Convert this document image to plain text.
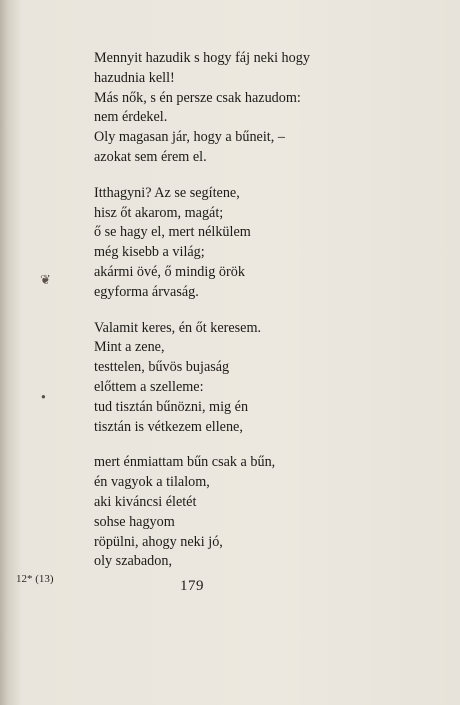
Mennyit hazudik s hogy fáj neki hogy
hazudnia kell!
Más nők, s én persze csak hazudom:
nem érdekel.
Oly magasan jár, hogy a bűneit, –
azokat sem érem el.
Itthagyni? Az se segítene,
hisz őt akarom, magát;
ő se hagy el, mert nélkülem
még kisebb a világ;
akármi övé, ő mindig örök
egyforma árvaság.
Valamit keres, én őt keresem.
Mint a zene,
testtelen, bűvös bujaság
előttem a szelleme:
tud tisztán bűnözni, mig én
tisztán is vétkezem ellene,
mert énmiattam bűn csak a bűn,
én vagyok a tilalom,
aki kiváncsi életét
sohse hagyom
röpülni, ahogy neki jó,
oly szabadon,
❦
●
12* (13)	179
